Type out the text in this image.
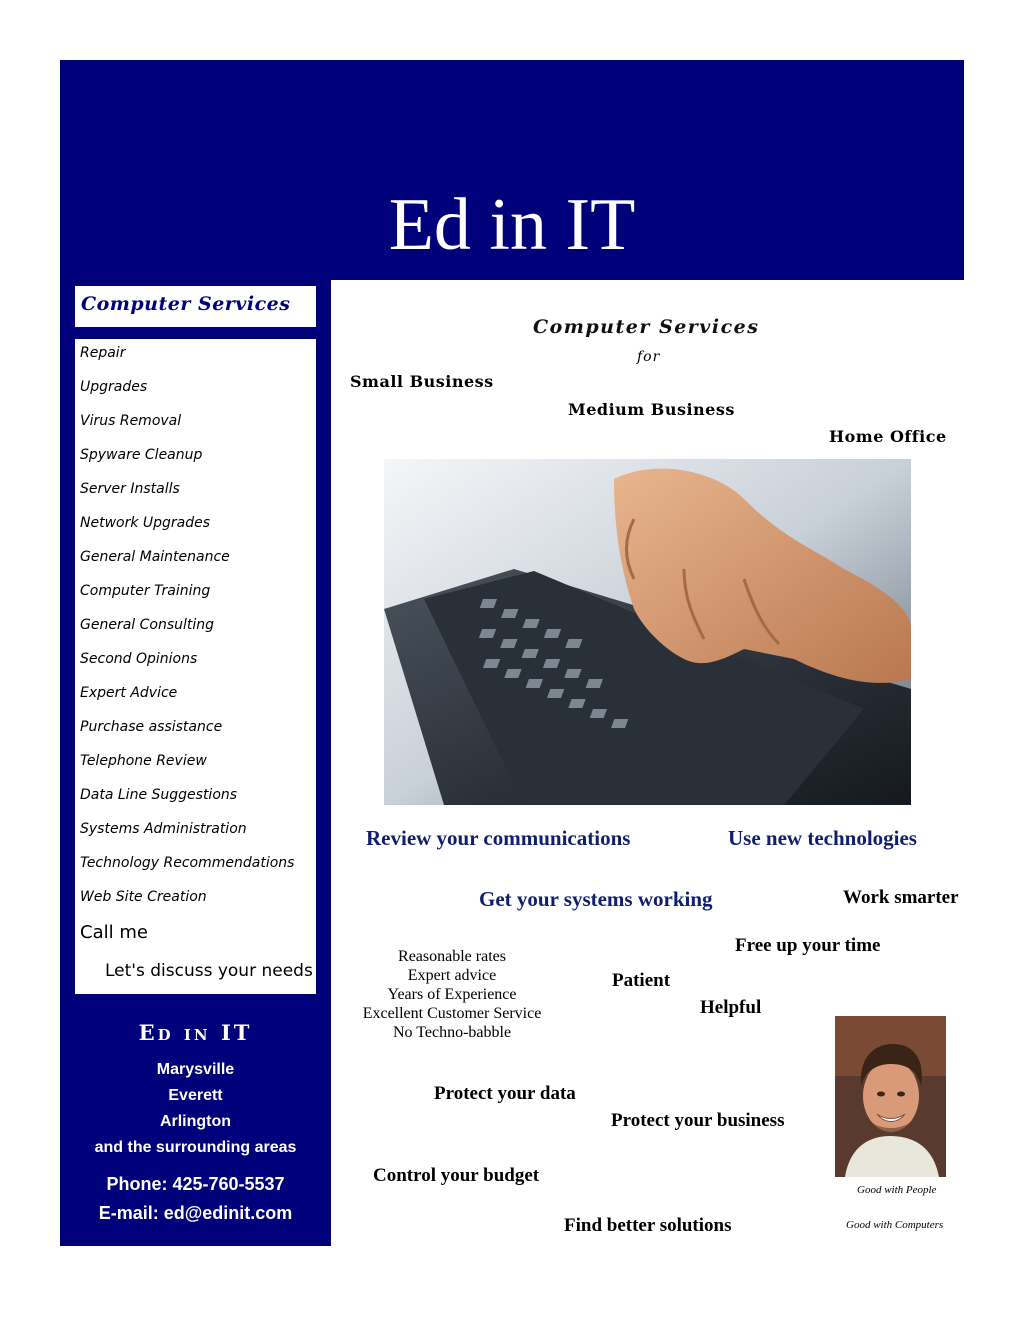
Ed in IT
Computer Services
Repair
Upgrades
Virus Removal
Spyware Cleanup
Server Installs
Network Upgrades
General Maintenance
Computer Training
General Consulting
Second Opinions
Expert Advice
Purchase assistance
Telephone Review
Data Line Suggestions
Systems Administration
Technology Recommendations
Web Site Creation
Call me
Let's discuss your needs
Ed in IT
Marysville
Everett
Arlington
and the surrounding areas
Phone: 425-760-5537
E-mail: ed@edinit.com
Computer Services
for
Small Business
Medium Business
Home Office
Review your communications	Use new technologies
Get your systems working	Work smarter
Free up your time
Patient
Helpful
Protect your data
Protect your business
Control your budget
Find better solutions
Reasonable rates
Expert advice
Years of Experience
Excellent Customer Service
No Techno-babble
Good with People
Good with Computers
